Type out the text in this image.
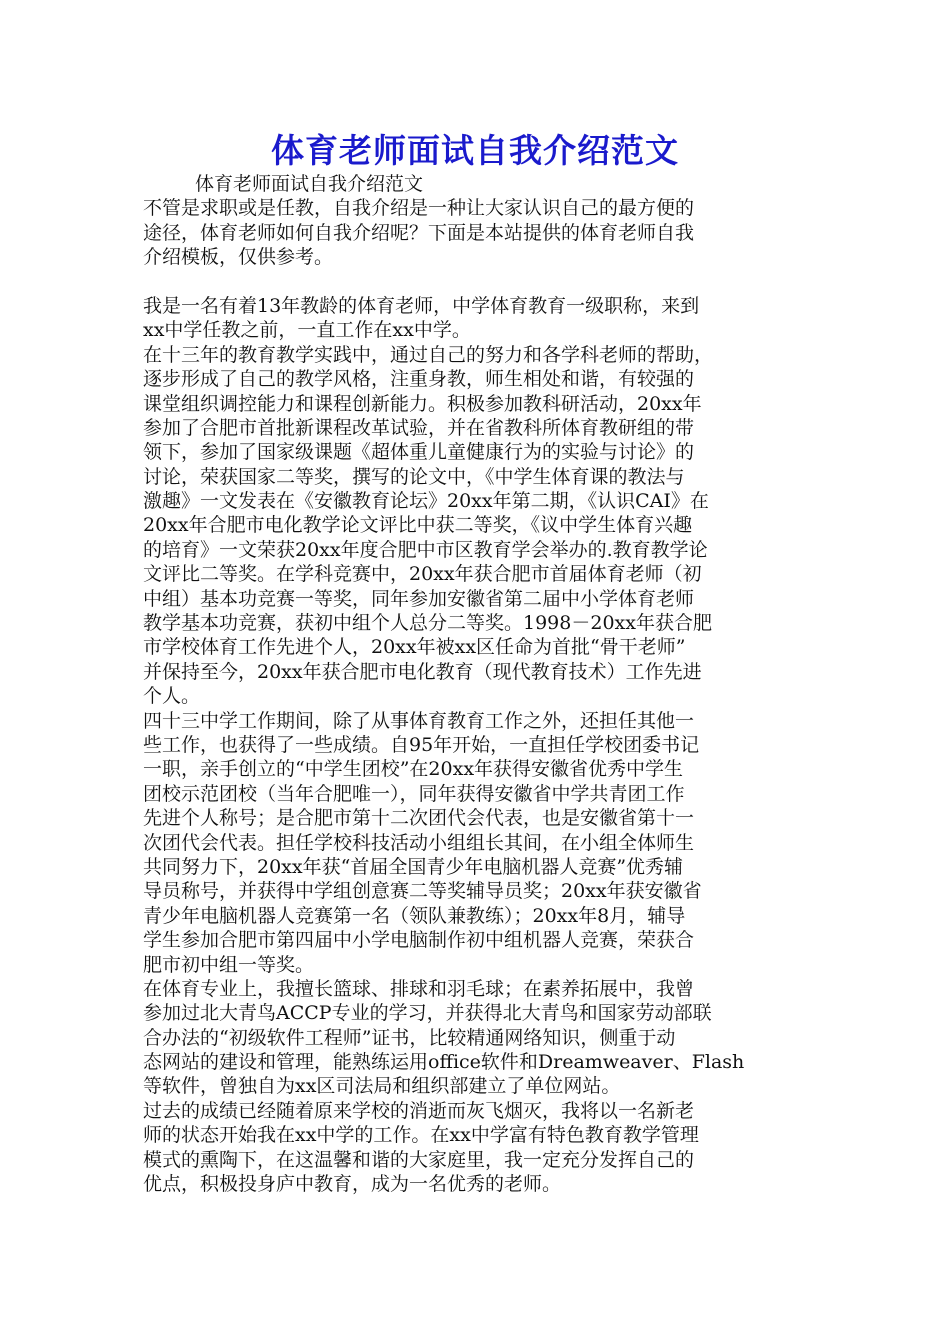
体育老师面试自我介绍范文
体育老师面试自我介绍范文
不管是求职或是任教，自我介绍是一种让大家认识自己的最方便的
途径，体育老师如何自我介绍呢？下面是本站提供的体育老师自我
介绍模板，仅供参考。
我是一名有着13年教龄的体育老师，中学体育教育一级职称，来到
xx中学任教之前，一直工作在xx中学。
在十三年的教育教学实践中，通过自己的努力和各学科老师的帮助，
逐步形成了自己的教学风格，注重身教，师生相处和谐，有较强的
课堂组织调控能力和课程创新能力。积极参加教科研活动，20xx年
参加了合肥市首批新课程改革试验，并在省教科所体育教研组的带
领下，参加了国家级课题《超体重儿童健康行为的实验与讨论》的
讨论，荣获国家二等奖，撰写的论文中，《中学生体育课的教法与
激趣》一文发表在《安徽教育论坛》20xx年第二期，《认识CAI》在
20xx年合肥市电化教学论文评比中获二等奖，《议中学生体育兴趣
的培育》一文荣获20xx年度合肥中市区教育学会举办的.教育教学论
文评比二等奖。在学科竞赛中，20xx年获合肥市首届体育老师（初
中组）基本功竞赛一等奖，同年参加安徽省第二届中小学体育老师
教学基本功竞赛，获初中组个人总分二等奖。1998－20xx年获合肥
市学校体育工作先进个人，20xx年被xx区任命为首批“骨干老师”
并保持至今，20xx年获合肥市电化教育（现代教育技术）工作先进
个人。
四十三中学工作期间，除了从事体育教育工作之外，还担任其他一
些工作，也获得了一些成绩。自95年开始，一直担任学校团委书记
一职，亲手创立的“中学生团校”在20xx年获得安徽省优秀中学生
团校示范团校（当年合肥唯一），同年获得安徽省中学共青团工作
先进个人称号；是合肥市第十二次团代会代表，也是安徽省第十一
次团代会代表。担任学校科技活动小组组长其间，在小组全体师生
共同努力下，20xx年获“首届全国青少年电脑机器人竞赛”优秀辅
导员称号，并获得中学组创意赛二等奖辅导员奖；20xx年获安徽省
青少年电脑机器人竞赛第一名（领队兼教练）；20xx年8月，辅导
学生参加合肥市第四届中小学电脑制作初中组机器人竞赛，荣获合
肥市初中组一等奖。
在体育专业上，我擅长篮球、排球和羽毛球；在素养拓展中，我曾
参加过北大青鸟ACCP专业的学习，并获得北大青鸟和国家劳动部联
合办法的“初级软件工程师”证书，比较精通网络知识，侧重于动
态网站的建设和管理，能熟练运用office软件和Dreamweaver、Flash
等软件，曾独自为xx区司法局和组织部建立了单位网站。
过去的成绩已经随着原来学校的消逝而灰飞烟灭，我将以一名新老
师的状态开始我在xx中学的工作。在xx中学富有特色教育教学管理
模式的熏陶下，在这温馨和谐的大家庭里，我一定充分发挥自己的
优点，积极投身庐中教育，成为一名优秀的老师。
